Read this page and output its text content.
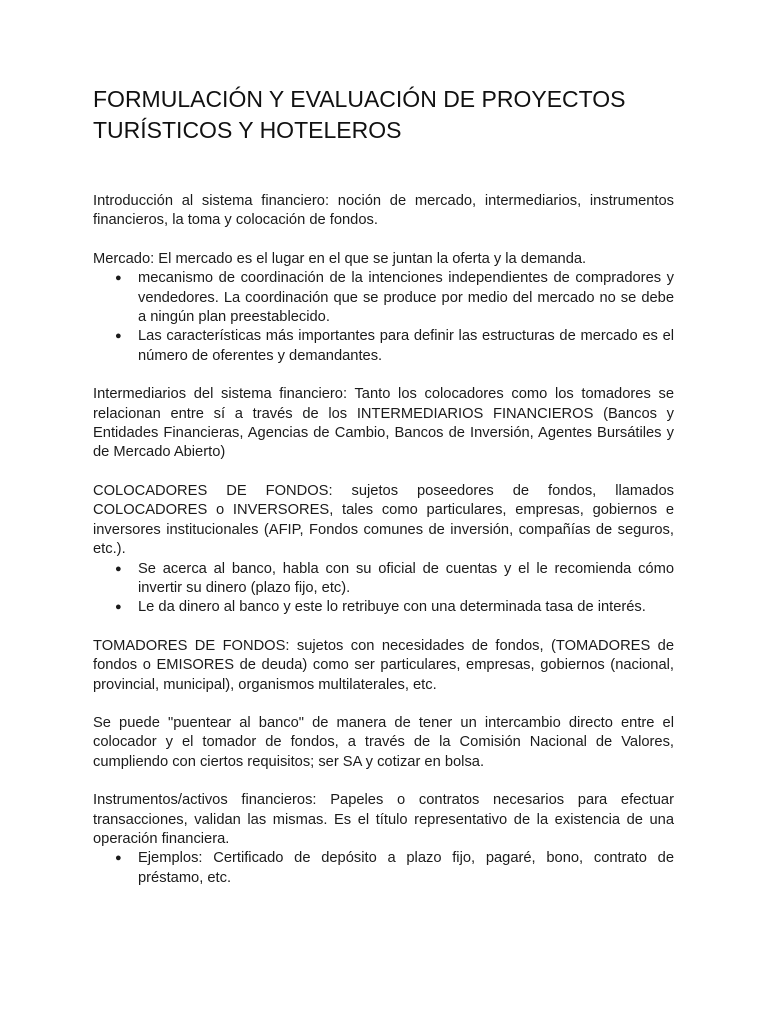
FORMULACIÓN Y EVALUACIÓN DE PROYECTOS
TURÍSTICOS Y HOTELEROS

Introducción al sistema financiero: noción de mercado, intermediarios, instrumentos financieros, la toma y colocación de fondos.

Mercado: El mercado es el lugar en el que se juntan la oferta y la demanda.

● mecanismo de coordinación de la intenciones independientes de compradores y vendedores. La coordinación que se produce por medio del mercado no se debe a ningún plan preestablecido.
● Las características más importantes para definir las estructuras de mercado es el número de oferentes y demandantes.

Intermediarios del sistema financiero: Tanto los colocadores como los tomadores se relacionan entre sí a través de los INTERMEDIARIOS FINANCIEROS (Bancos y Entidades Financieras, Agencias de Cambio, Bancos de Inversión, Agentes Bursátiles y de Mercado Abierto)

COLOCADORES DE FONDOS: sujetos poseedores de fondos, llamados COLOCADORES o INVERSORES, tales como particulares, empresas, gobiernos e inversores institucionales (AFIP, Fondos comunes de inversión, compañías de seguros, etc.).

● Se acerca al banco, habla con su oficial de cuentas y el le recomienda cómo invertir su dinero (plazo fijo, etc).
● Le da dinero al banco y este lo retribuye con una determinada tasa de interés.

TOMADORES DE FONDOS: sujetos con necesidades de fondos, (TOMADORES de fondos o EMISORES de deuda) como ser particulares, empresas, gobiernos (nacional, provincial, municipal), organismos multilaterales, etc.

Se puede "puentear al banco" de manera de tener un intercambio directo entre el colocador y el tomador de fondos, a través de la Comisión Nacional de Valores, cumpliendo con ciertos requisitos; ser SA y cotizar en bolsa.

Instrumentos/activos financieros: Papeles o contratos necesarios para efectuar transacciones, validan las mismas. Es el título representativo de la existencia de una operación financiera.

● Ejemplos: Certificado de depósito a plazo fijo, pagaré, bono, contrato de préstamo, etc.
